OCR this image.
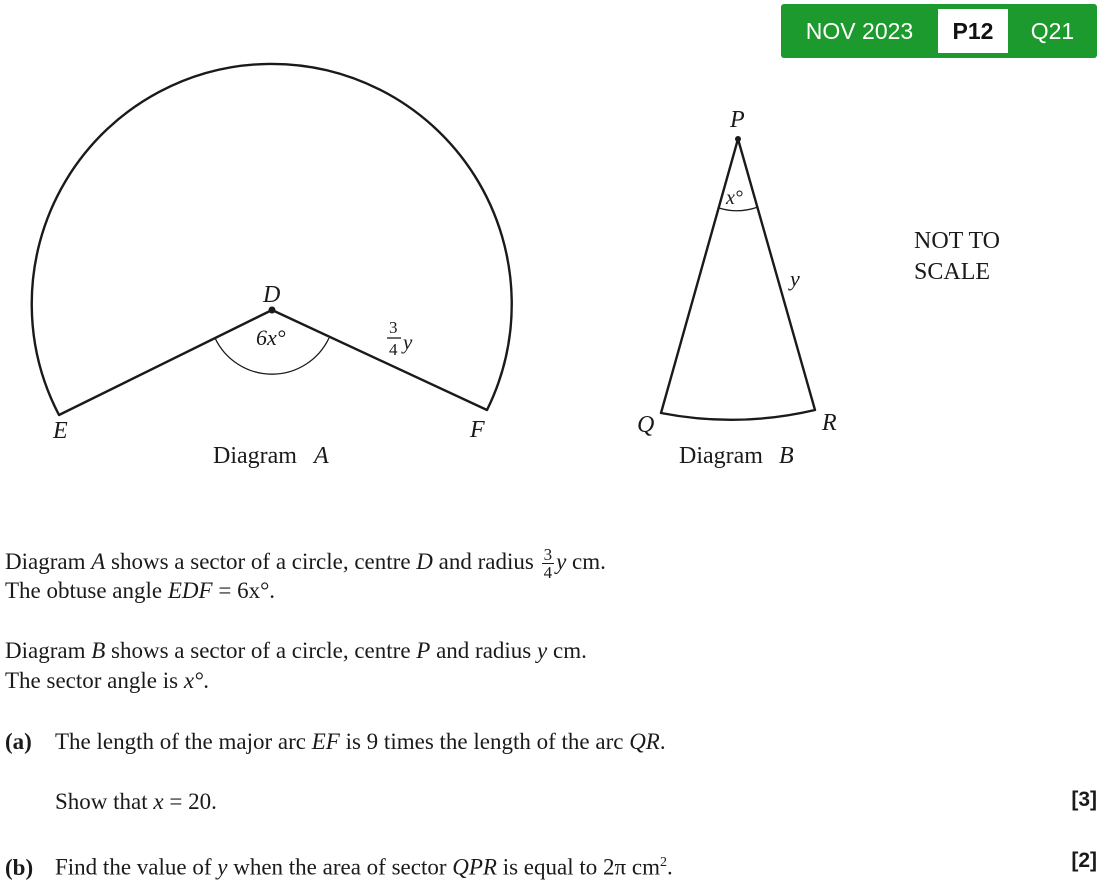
NOV 2023	P12	Q21
D
E	F
6x°	3
4 y
Diagram A
P
Q	R
x°
y
Diagram B
NOT TO
SCALE
Diagram A shows a sector of a circle, centre D and radius $\frac{3}{4}$ y cm.
The obtuse angle EDF = 6x°.
Diagram B shows a sector of a circle, centre P and radius y cm.
The sector angle is x°.
(a) The length of the major arc EF is 9 times the length of the arc QR.
Show that x = 20.	[3]
(b) Find the value of y when the area of sector QPR is equal to 2π $cm^2$.	[2]
